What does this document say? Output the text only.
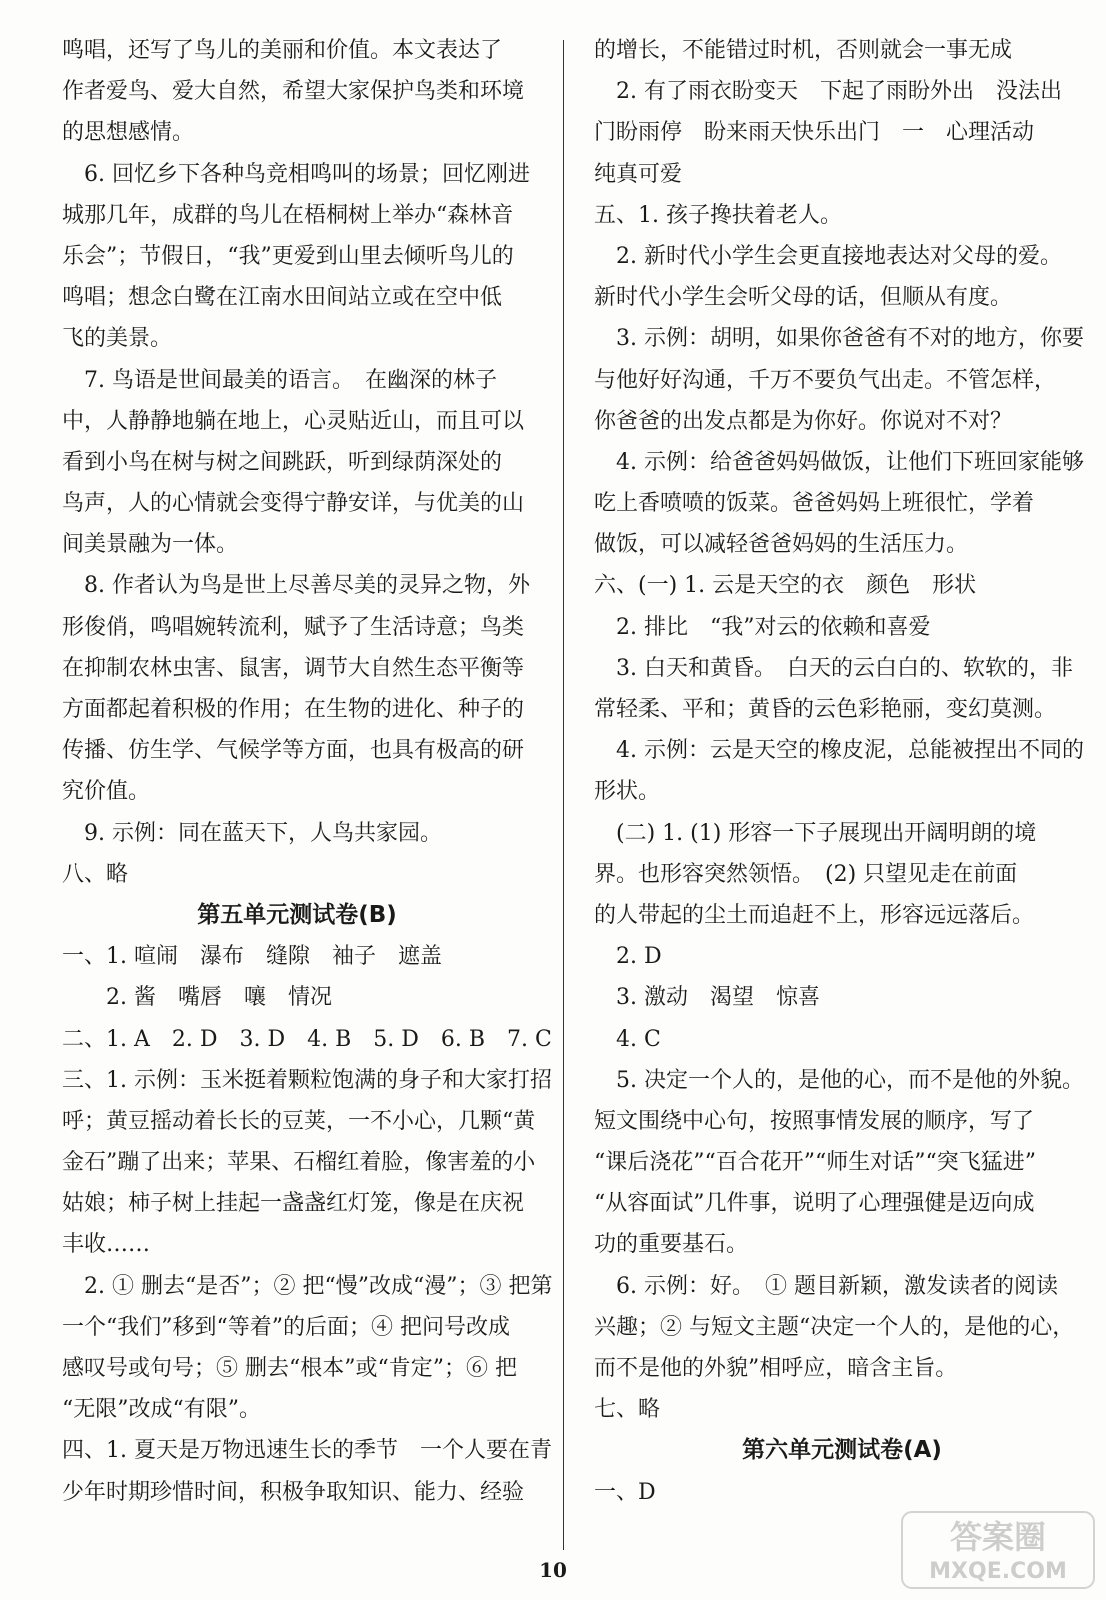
鸣唱，还写了鸟儿的美丽和价值。本文表达了
作者爱鸟、爱大自然，希望大家保护鸟类和环境
的思想感情。
　6. 回忆乡下各种鸟竞相鸣叫的场景；回忆刚进
城那几年，成群的鸟儿在梧桐树上举办“森林音
乐会”；节假日，“我”更爱到山里去倾听鸟儿的
鸣唱；想念白鹭在江南水田间站立或在空中低
飞的美景。
　7. 鸟语是世间最美的语言。　在幽深的林子
中，人静静地躺在地上，心灵贴近山，而且可以
看到小鸟在树与树之间跳跃，听到绿荫深处的
鸟声，人的心情就会变得宁静安详，与优美的山
间美景融为一体。
　8. 作者认为鸟是世上尽善尽美的灵异之物，外
形俊俏，鸣唱婉转流利，赋予了生活诗意；鸟类
在抑制农林虫害、鼠害，调节大自然生态平衡等
方面都起着积极的作用；在生物的进化、种子的
传播、仿生学、气候学等方面，也具有极高的研
究价值。
　9. 示例：同在蓝天下，人鸟共家园。
八、略
第五单元测试卷(B)
一、1. 喧闹　瀑布　缝隙　袖子　遮盖
　　2. 酱　嘴唇　嚷　情况
二、1. A　2. D　3. D　4. B　5. D　6. B　7. C
三、1. 示例：玉米挺着颗粒饱满的身子和大家打招
呼；黄豆摇动着长长的豆荚，一不小心，几颗“黄
金石”蹦了出来；苹果、石榴红着脸，像害羞的小
姑娘；柿子树上挂起一盏盏红灯笼，像是在庆祝
丰收……
　2. ① 删去“是否”；② 把“慢”改成“漫”；③ 把第
一个“我们”移到“等着”的后面；④ 把问号改成
感叹号或句号；⑤ 删去“根本”或“肯定”；⑥ 把
“无限”改成“有限”。
四、1. 夏天是万物迅速生长的季节　一个人要在青
少年时期珍惜时间，积极争取知识、能力、经验
的增长，不能错过时机，否则就会一事无成
　2. 有了雨衣盼变天　下起了雨盼外出　没法出
门盼雨停　盼来雨天快乐出门　一　心理活动
纯真可爱
五、1. 孩子搀扶着老人。
　2. 新时代小学生会更直接地表达对父母的爱。
新时代小学生会听父母的话，但顺从有度。
　3. 示例：胡明，如果你爸爸有不对的地方，你要
与他好好沟通，千万不要负气出走。不管怎样，
你爸爸的出发点都是为你好。你说对不对？
　4. 示例：给爸爸妈妈做饭，让他们下班回家能够
吃上香喷喷的饭菜。爸爸妈妈上班很忙，学着
做饭，可以减轻爸爸妈妈的生活压力。
六、(一) 1. 云是天空的衣　颜色　形状
　2. 排比　“我”对云的依赖和喜爱
　3. 白天和黄昏。　白天的云白白的、软软的，非
常轻柔、平和；黄昏的云色彩艳丽，变幻莫测。
　4. 示例：云是天空的橡皮泥，总能被捏出不同的
形状。
　(二) 1. (1) 形容一下子展现出开阔明朗的境
界。也形容突然领悟。　(2) 只望见走在前面
的人带起的尘土而追赶不上，形容远远落后。
　2. D
　3. 激动　渴望　惊喜
　4. C
　5. 决定一个人的，是他的心，而不是他的外貌。
短文围绕中心句，按照事情发展的顺序，写了
“课后浇花”“百合花开”“师生对话”“突飞猛进”
“从容面试”几件事，说明了心理强健是迈向成
功的重要基石。
　6. 示例：好。　① 题目新颖，激发读者的阅读
兴趣；② 与短文主题“决定一个人的，是他的心，
而不是他的外貌”相呼应，暗含主旨。
七、略
第六单元测试卷(A)
一、D
10
答案圈
MXQE.COM
